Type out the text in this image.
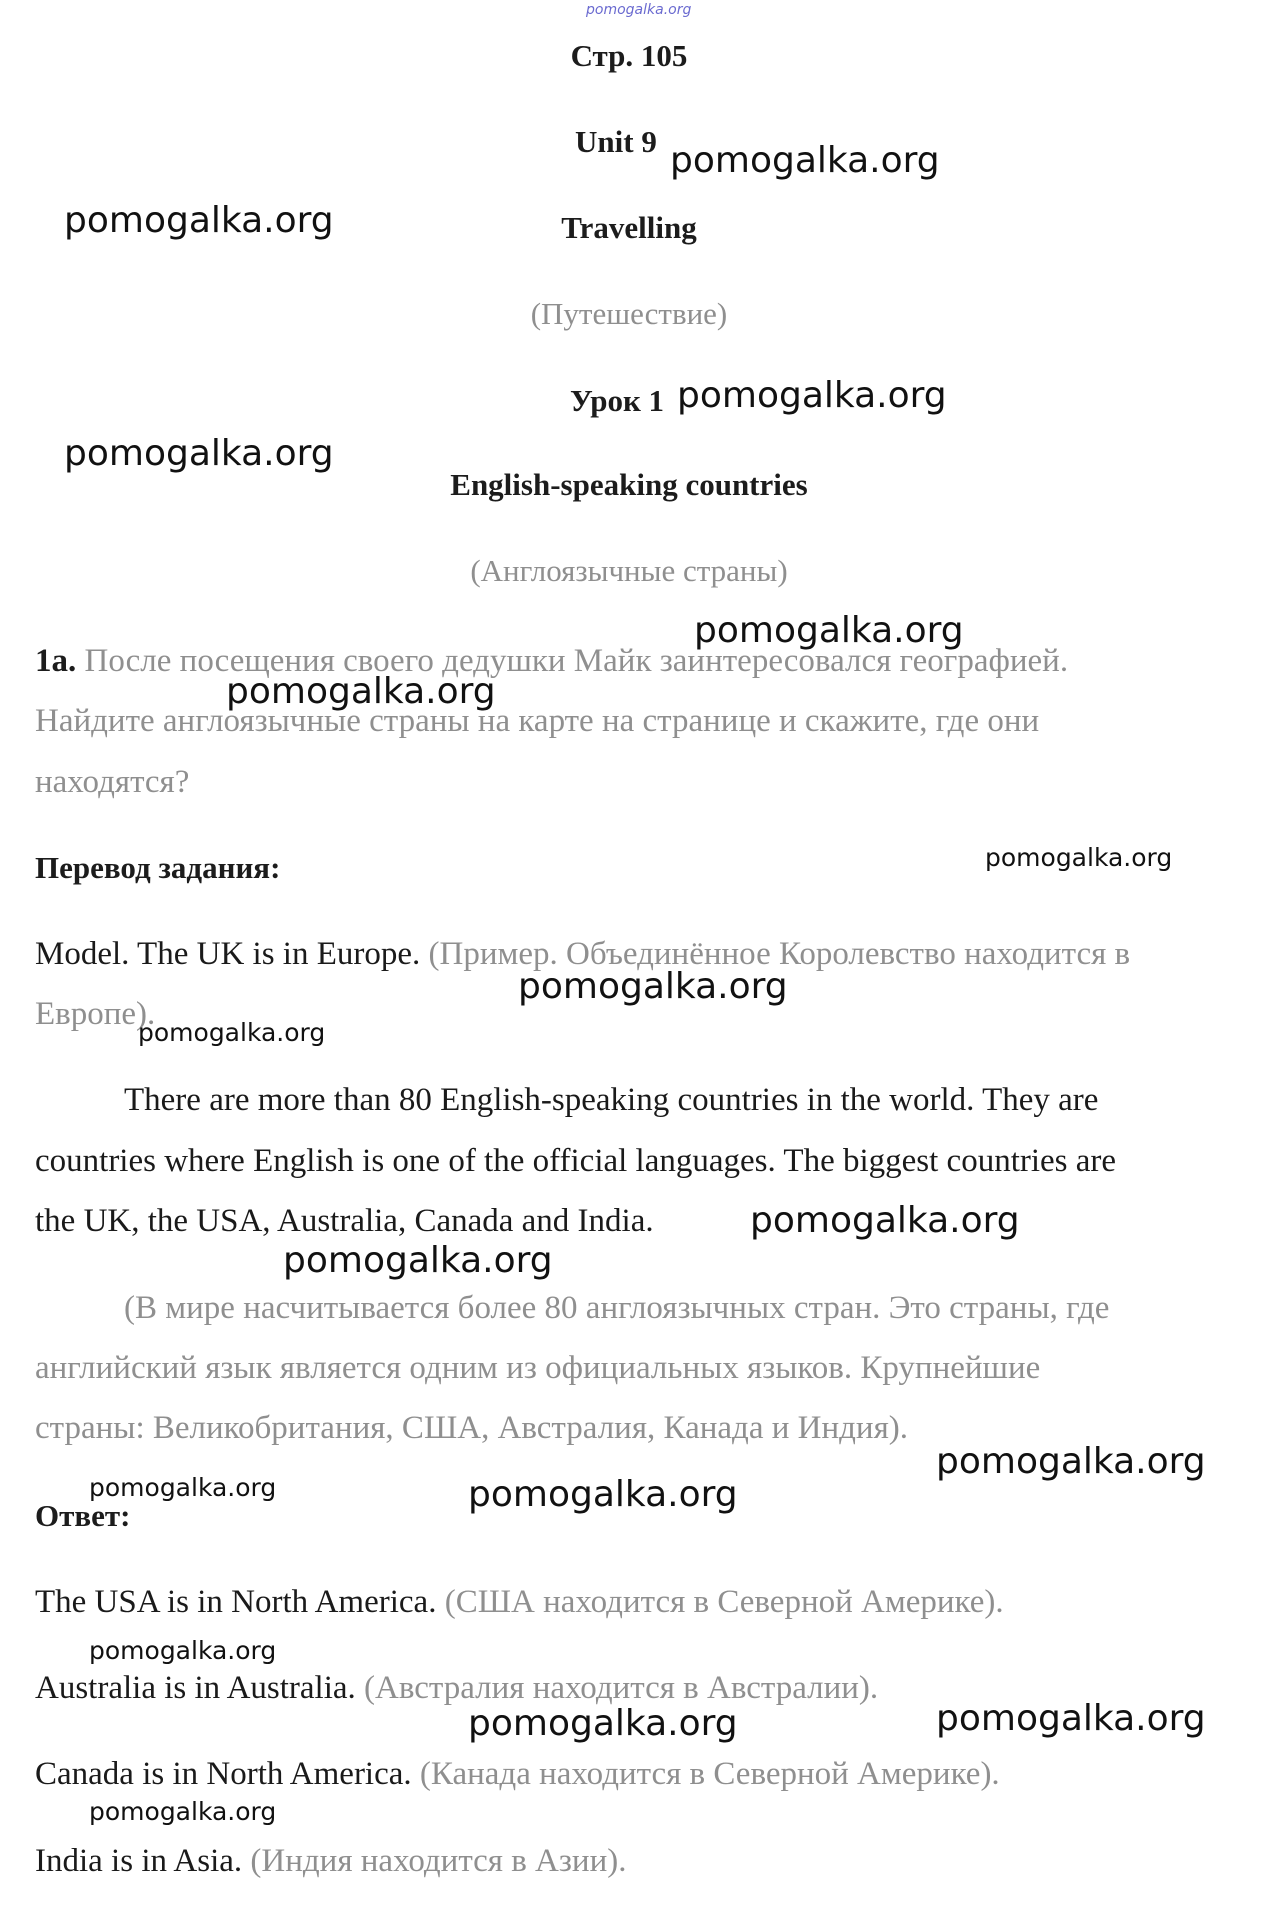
pomogalka.org
Стр. 105
Unit 9
Travelling
(Путешествие)
Урок 1
English-speaking countries
(Англоязычные страны)
1а. После посещения своего дедушки Майк заинтересовался географией.
Найдите англоязычные страны на карте на странице и скажите, где они
находятся?
Перевод задания:
Model. The UK is in Europe. (Пример. Объединённое Королевство находится в
Европе).
There are more than 80 English-speaking countries in the world. They are
countries where English is one of the official languages. The biggest countries are
the UK, the USA, Australia, Canada and India.
(В мире насчитывается более 80 англоязычных стран. Это страны, где
английский язык является одним из официальных языков. Крупнейшие
страны: Великобритания, США, Австралия, Канада и Индия).
Ответ:
The USA is in North America. (США находится в Северной Америке).
Australia is in Australia. (Австралия находится в Австралии).
Canada is in North America. (Канада находится в Северной Америке).
India is in Asia. (Индия находится в Азии).
pomogalka.org
pomogalka.org
pomogalka.org
pomogalka.org
pomogalka.org
pomogalka.org
pomogalka.org
pomogalka.org
pomogalka.org
pomogalka.org
pomogalka.org
pomogalka.org
pomogalka.org	pomogalka.org
pomogalka.org
pomogalka.org	pomogalka.org
pomogalka.org
